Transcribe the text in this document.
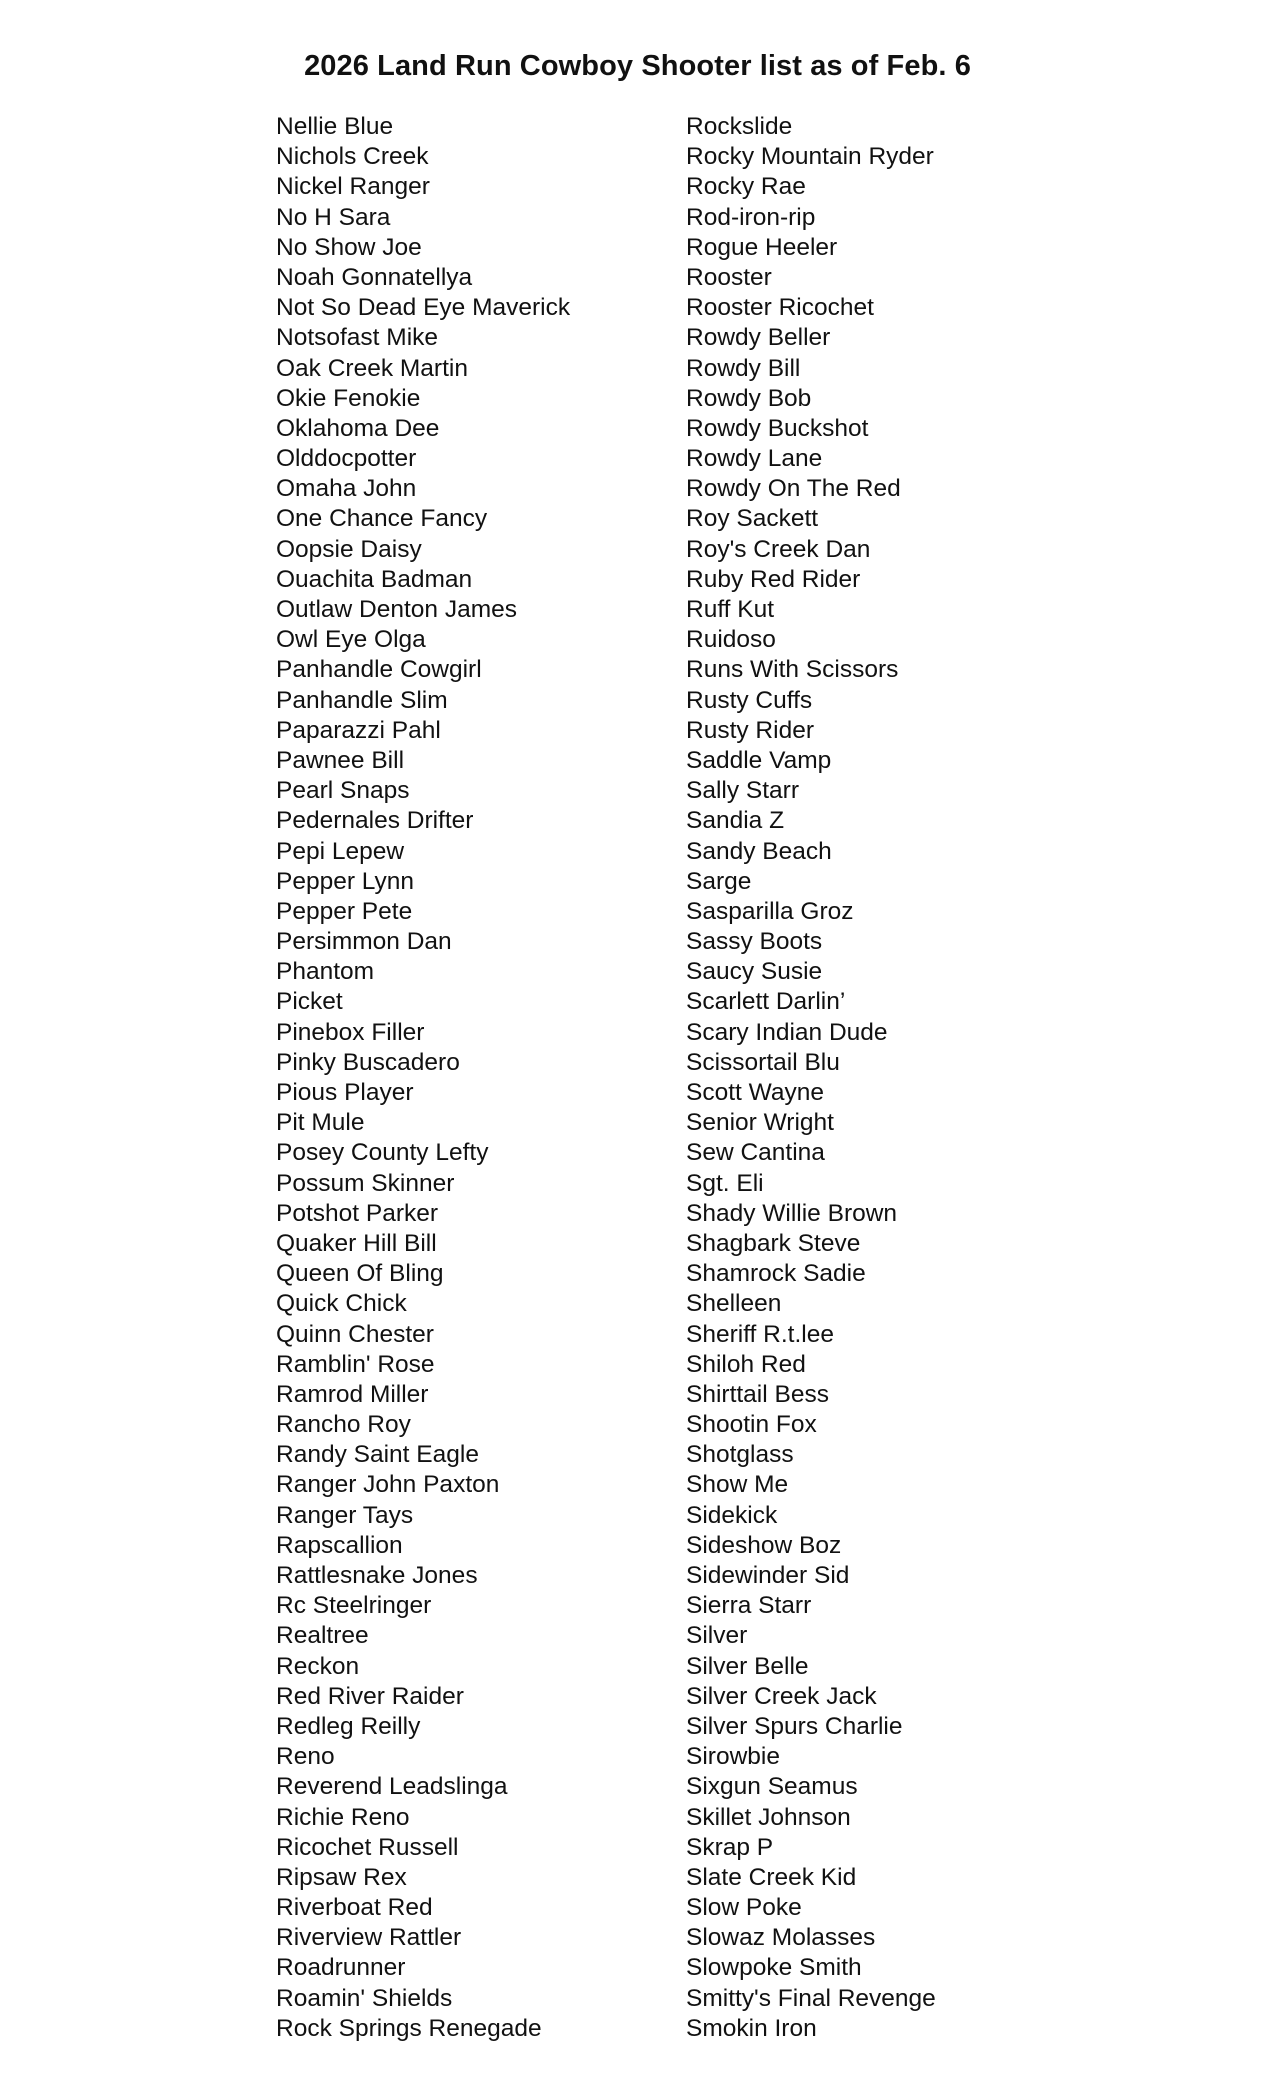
2026 Land Run Cowboy Shooter list as of Feb. 6
Nellie Blue
Nichols Creek
Nickel Ranger
No H Sara
No Show Joe
Noah Gonnatellya
Not So Dead Eye Maverick
Notsofast Mike
Oak Creek Martin
Okie Fenokie
Oklahoma Dee
Olddocpotter
Omaha John
One Chance Fancy
Oopsie Daisy
Ouachita Badman
Outlaw Denton James
Owl Eye Olga
Panhandle Cowgirl
Panhandle Slim
Paparazzi Pahl
Pawnee Bill
Pearl Snaps
Pedernales Drifter
Pepi Lepew
Pepper Lynn
Pepper Pete
Persimmon Dan
Phantom
Picket
Pinebox Filler
Pinky Buscadero
Pious Player
Pit Mule
Posey County Lefty
Possum Skinner
Potshot Parker
Quaker Hill Bill
Queen Of Bling
Quick Chick
Quinn Chester
Ramblin' Rose
Ramrod Miller
Rancho Roy
Randy Saint Eagle
Ranger John Paxton
Ranger Tays
Rapscallion
Rattlesnake Jones
Rc Steelringer
Realtree
Reckon
Red River Raider
Redleg Reilly
Reno
Reverend Leadslinga
Richie Reno
Ricochet Russell
Ripsaw Rex
Riverboat Red
Riverview Rattler
Roadrunner
Roamin' Shields
Rock Springs Renegade
Rockslide
Rocky Mountain Ryder
Rocky Rae
Rod-iron-rip
Rogue Heeler
Rooster
Rooster Ricochet
Rowdy Beller
Rowdy Bill
Rowdy Bob
Rowdy Buckshot
Rowdy Lane
Rowdy On The Red
Roy Sackett
Roy's Creek Dan
Ruby Red Rider
Ruff Kut
Ruidoso
Runs With Scissors
Rusty Cuffs
Rusty Rider
Saddle Vamp
Sally Starr
Sandia Z
Sandy Beach
Sarge
Sasparilla Groz
Sassy Boots
Saucy Susie
Scarlett Darlin’
Scary Indian Dude
Scissortail Blu
Scott Wayne
Senior Wright
Sew Cantina
Sgt. Eli
Shady Willie Brown
Shagbark Steve
Shamrock Sadie
Shelleen
Sheriff R.t.lee
Shiloh Red
Shirttail Bess
Shootin Fox
Shotglass
Show Me
Sidekick
Sideshow Boz
Sidewinder Sid
Sierra Starr
Silver
Silver Belle
Silver Creek Jack
Silver Spurs Charlie
Sirowbie
Sixgun Seamus
Skillet Johnson
Skrap P
Slate Creek Kid
Slow Poke
Slowaz Molasses
Slowpoke Smith
Smitty's Final Revenge
Smokin Iron
